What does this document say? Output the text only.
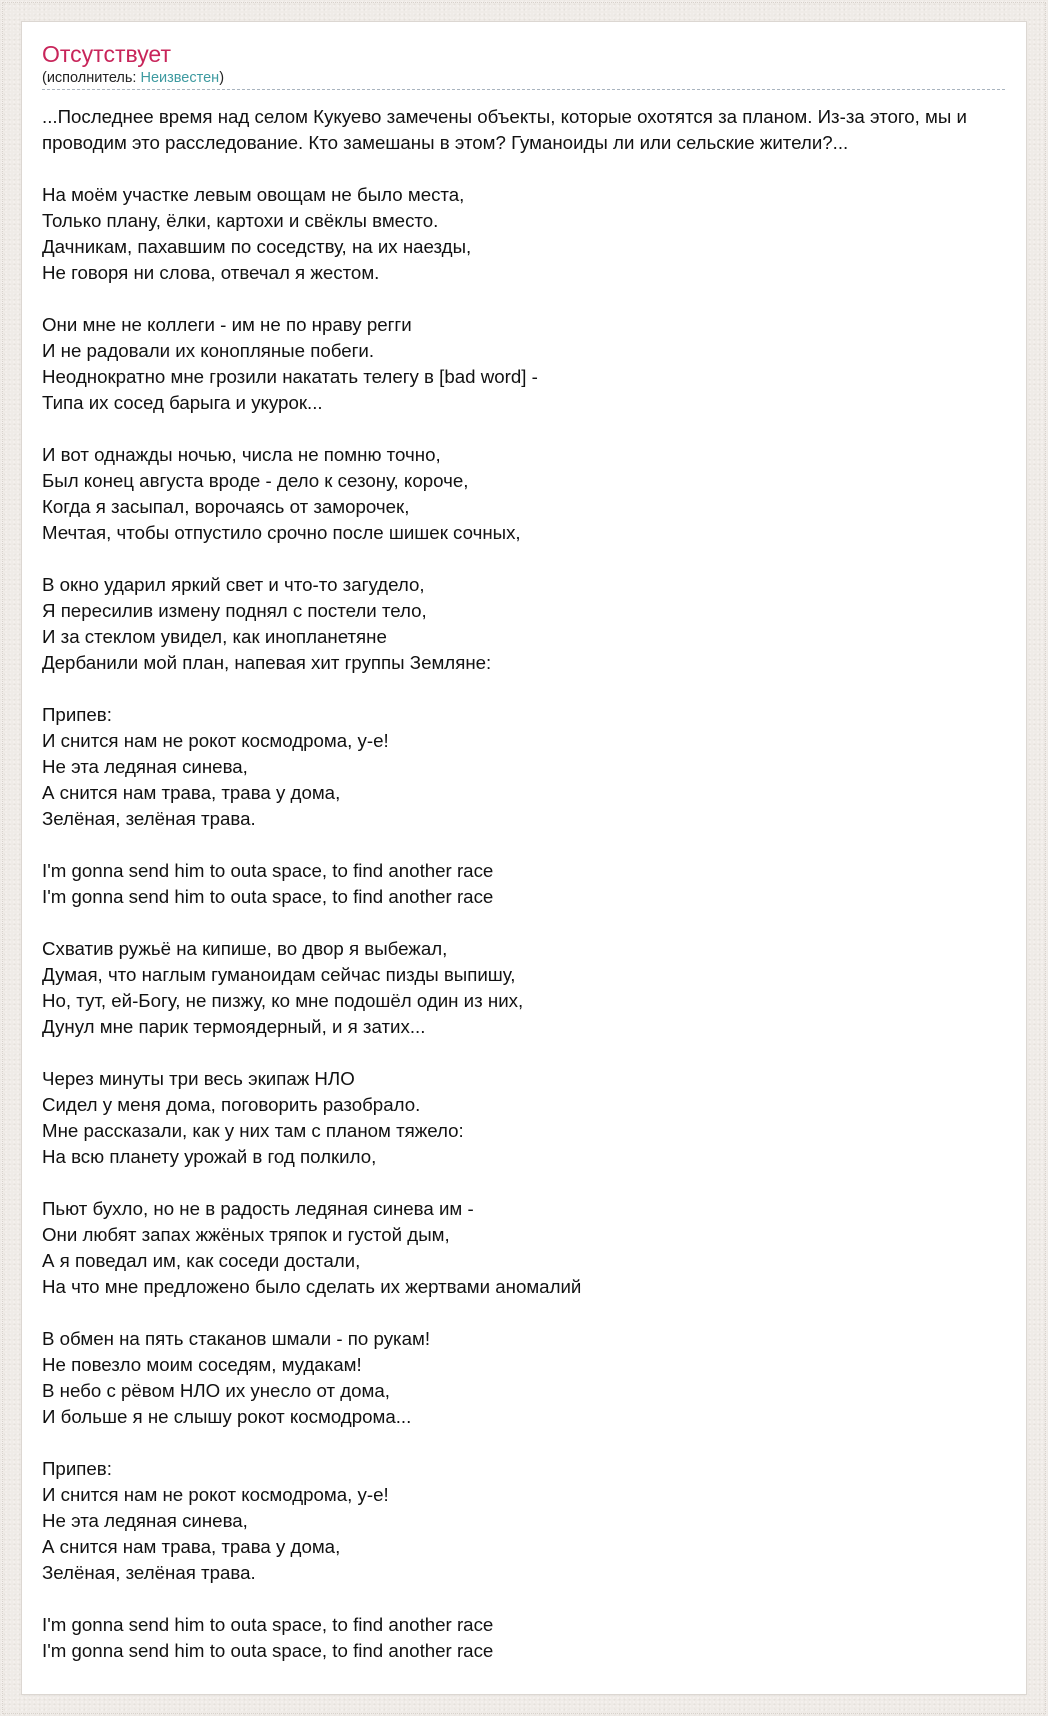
Отсутствует
(исполнитель: Неизвестен)
...Последнее время над селом Кукуево замечены объекты, которые охотятся за планом. Из-за этого, мы и
проводим это расследование. Кто замешаны в этом? Гуманоиды ли или сельские жители?...
На моём участке левым овощам не было места,
Только плану, ёлки, картохи и свёклы вместо.
Дачникам, пахавшим по соседству, на их наезды,
Не говоря ни слова, отвечал я жестом.
Они мне не коллеги - им не по нраву регги
И не радовали их конопляные побеги.
Неоднократно мне грозили накатать телегу в [bad word] -
Типа их сосед барыга и укурок...
И вот однажды ночью, числа не помню точно,
Был конец августа вроде - дело к сезону, короче,
Когда я засыпал, ворочаясь от заморочек,
Мечтая, чтобы отпустило срочно после шишек сочных,
В окно ударил яркий свет и что-то загудело,
Я пересилив измену поднял с постели тело,
И за стеклом увидел, как инопланетяне
Дербанили мой план, напевая хит группы Земляне:
Припев:
И снится нам не рокот космодрома, у-е!
Не эта ледяная синева,
А снится нам трава, трава у дома,
Зелёная, зелёная трава.
I'm gonna send him to outa space, to find another race
I'm gonna send him to outa space, to find another race
Схватив ружьё на кипише, во двор я выбежал,
Думая, что наглым гуманоидам сейчас пизды выпишу,
Но, тут, ей-Богу, не пизжу, ко мне подошёл один из них,
Дунул мне парик термоядерный, и я затих...
Через минуты три весь экипаж НЛО
Сидел у меня дома, поговорить разобрало.
Мне рассказали, как у них там с планом тяжело:
На всю планету урожай в год полкило,
Пьют бухло, но не в радость ледяная синева им -
Они любят запах жжёных тряпок и густой дым,
А я поведал им, как соседи достали,
На что мне предложено было сделать их жертвами аномалий
В обмен на пять стаканов шмали - по рукам!
Не повезло моим соседям, мудакам!
В небо с рёвом НЛО их унесло от дома,
И больше я не слышу рокот космодрома...
Припев:
И снится нам не рокот космодрома, у-е!
Не эта ледяная синева,
А снится нам трава, трава у дома,
Зелёная, зелёная трава.
I'm gonna send him to outa space, to find another race
I'm gonna send him to outa space, to find another race
